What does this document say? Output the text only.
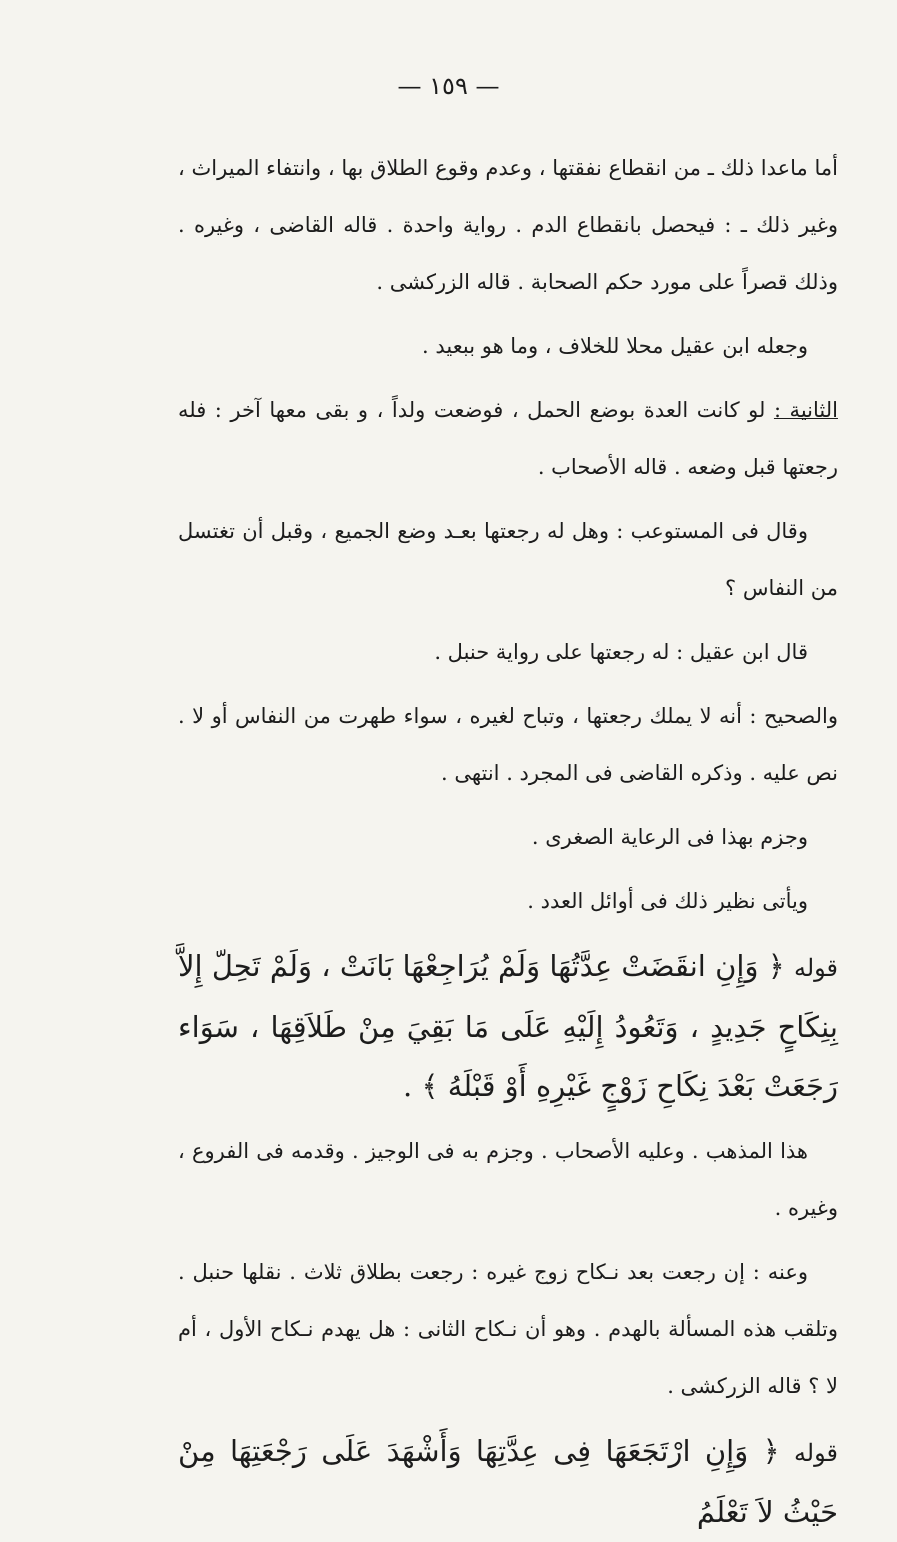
— ١٥٩ —

أما ماعدا ذلك ـ من انقطاع نفقتها ، وعدم وقوع الطلاق بها ، وانتفاء الميراث ، وغير ذلك ـ : فيحصل بانقطاع الدم . رواية واحدة . قاله القاضى ، وغيره . وذلك قصراً على مورد حكم الصحابة . قاله الزركشى .

وجعله ابن عقيل محلا للخلاف ، وما هو ببعيد .

الثانية : لو كانت العدة بوضع الحمل ، فوضعت ولداً ، و بقى معها آخر : فله رجعتها قبل وضعه . قاله الأصحاب .

وقال فى المستوعب : وهل له رجعتها بعـد وضع الجميع ، وقبل أن تغتسل من النفاس ؟

قال ابن عقيل : له رجعتها على رواية حنبل .

والصحيح : أنه لا يملك رجعتها ، وتباح لغيره ، سواء طهرت من النفاس أو لا . نص عليه . وذكره القاضى فى المجرد . انتهى .

وجزم بهذا فى الرعاية الصغرى .

ويأتى نظير ذلك فى أوائل العدد .

قوله ﴿ وَإِنِ انقَضَتْ عِدَّتُهَا وَلَمْ يُرَاجِعْهَا بَانَتْ ، وَلَمْ تَحِلّ إِلاَّ بِنِكَاحٍ جَدِيدٍ ، وَتَعُودُ إِلَيْهِ عَلَى مَا بَقِيَ مِنْ طَلاَقِهَا ، سَوَاء رَجَعَتْ بَعْدَ نِكَاحِ زَوْجٍ غَيْرِهِ أَوْ قَبْلَهُ ﴾ .

هذا المذهب . وعليه الأصحاب . وجزم به فى الوجيز . وقدمه فى الفروع ، وغيره .

وعنه : إن رجعت بعد نـكاح زوج غيره : رجعت بطلاق ثلاث . نقلها حنبل . وتلقب هذه المسألة بالهدم . وهو أن نـكاح الثانى : هل يهدم نـكاح الأول ، أم لا ؟ قاله الزركشى .

قوله ﴿ وَإِنِ ارْتَجَعَهَا فِى عِدَّتِهَا وَأَشْهَدَ عَلَى رَجْعَتِهَا مِنْ حَيْثُ لاَ تَعْلَمُ
